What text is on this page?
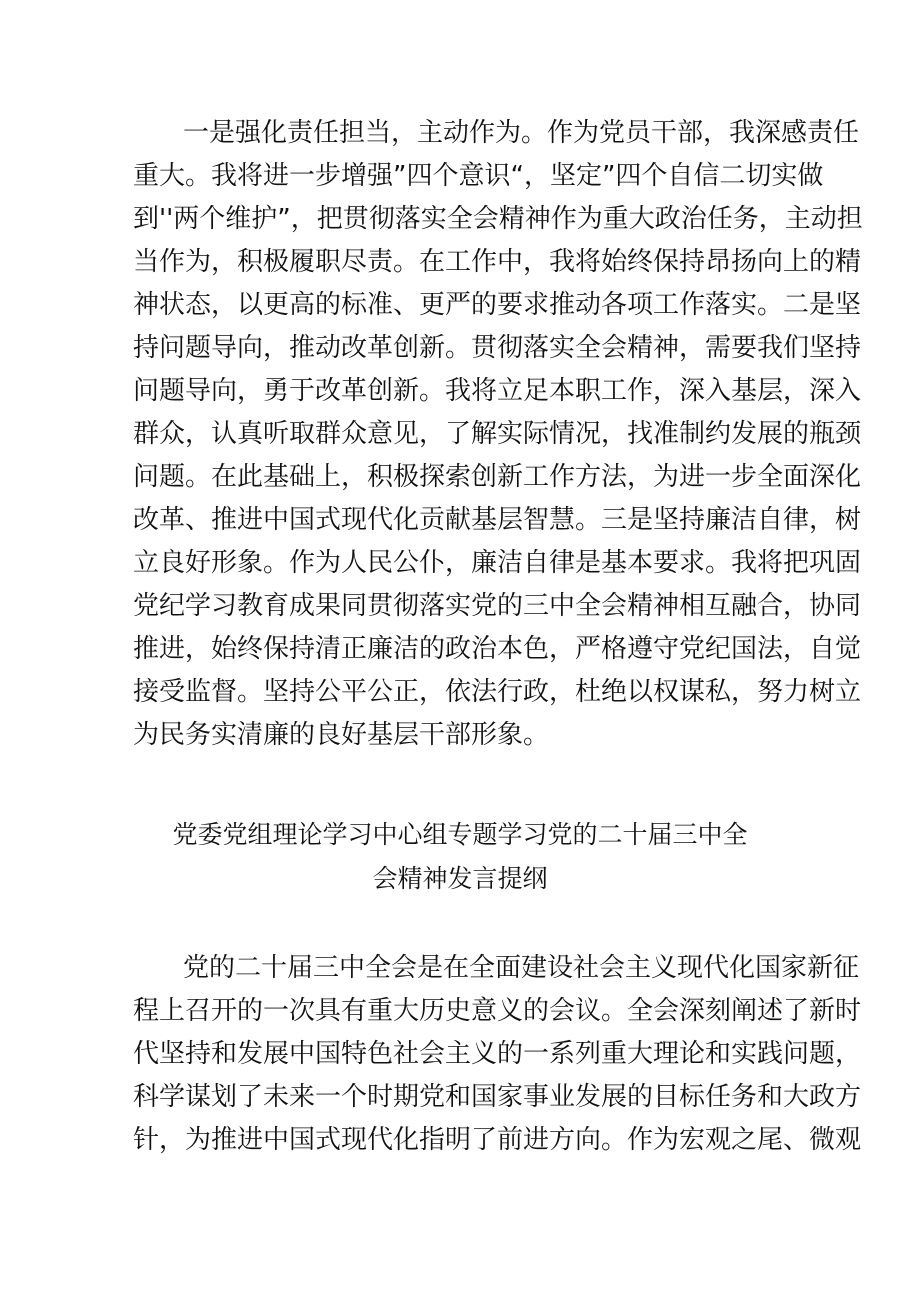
一是强化责任担当，主动作为。作为党员干部，我深感责任
重大。我将进一步增强”四个意识“，坚定”四个自信二切实做
到''两个维护”，把贯彻落实全会精神作为重大政治任务，主动担
当作为，积极履职尽责。在工作中，我将始终保持昂扬向上的精
神状态，以更高的标准、更严的要求推动各项工作落实。二是坚
持问题导向，推动改革创新。贯彻落实全会精神，需要我们坚持
问题导向，勇于改革创新。我将立足本职工作，深入基层，深入
群众，认真听取群众意见，了解实际情况，找准制约发展的瓶颈
问题。在此基础上，积极探索创新工作方法，为进一步全面深化
改革、推进中国式现代化贡献基层智慧。三是坚持廉洁自律，树
立良好形象。作为人民公仆，廉洁自律是基本要求。我将把巩固
党纪学习教育成果同贯彻落实党的三中全会精神相互融合，协同
推进，始终保持清正廉洁的政治本色，严格遵守党纪国法，自觉
接受监督。坚持公平公正，依法行政，杜绝以权谋私，努力树立
为民务实清廉的良好基层干部形象。
党委党组理论学习中心组专题学习党的二十届三中全
会精神发言提纲
党的二十届三中全会是在全面建设社会主义现代化国家新征
程上召开的一次具有重大历史意义的会议。全会深刻阐述了新时
代坚持和发展中国特色社会主义的一系列重大理论和实践问题，
科学谋划了未来一个时期党和国家事业发展的目标任务和大政方
针，为推进中国式现代化指明了前进方向。作为宏观之尾、微观
